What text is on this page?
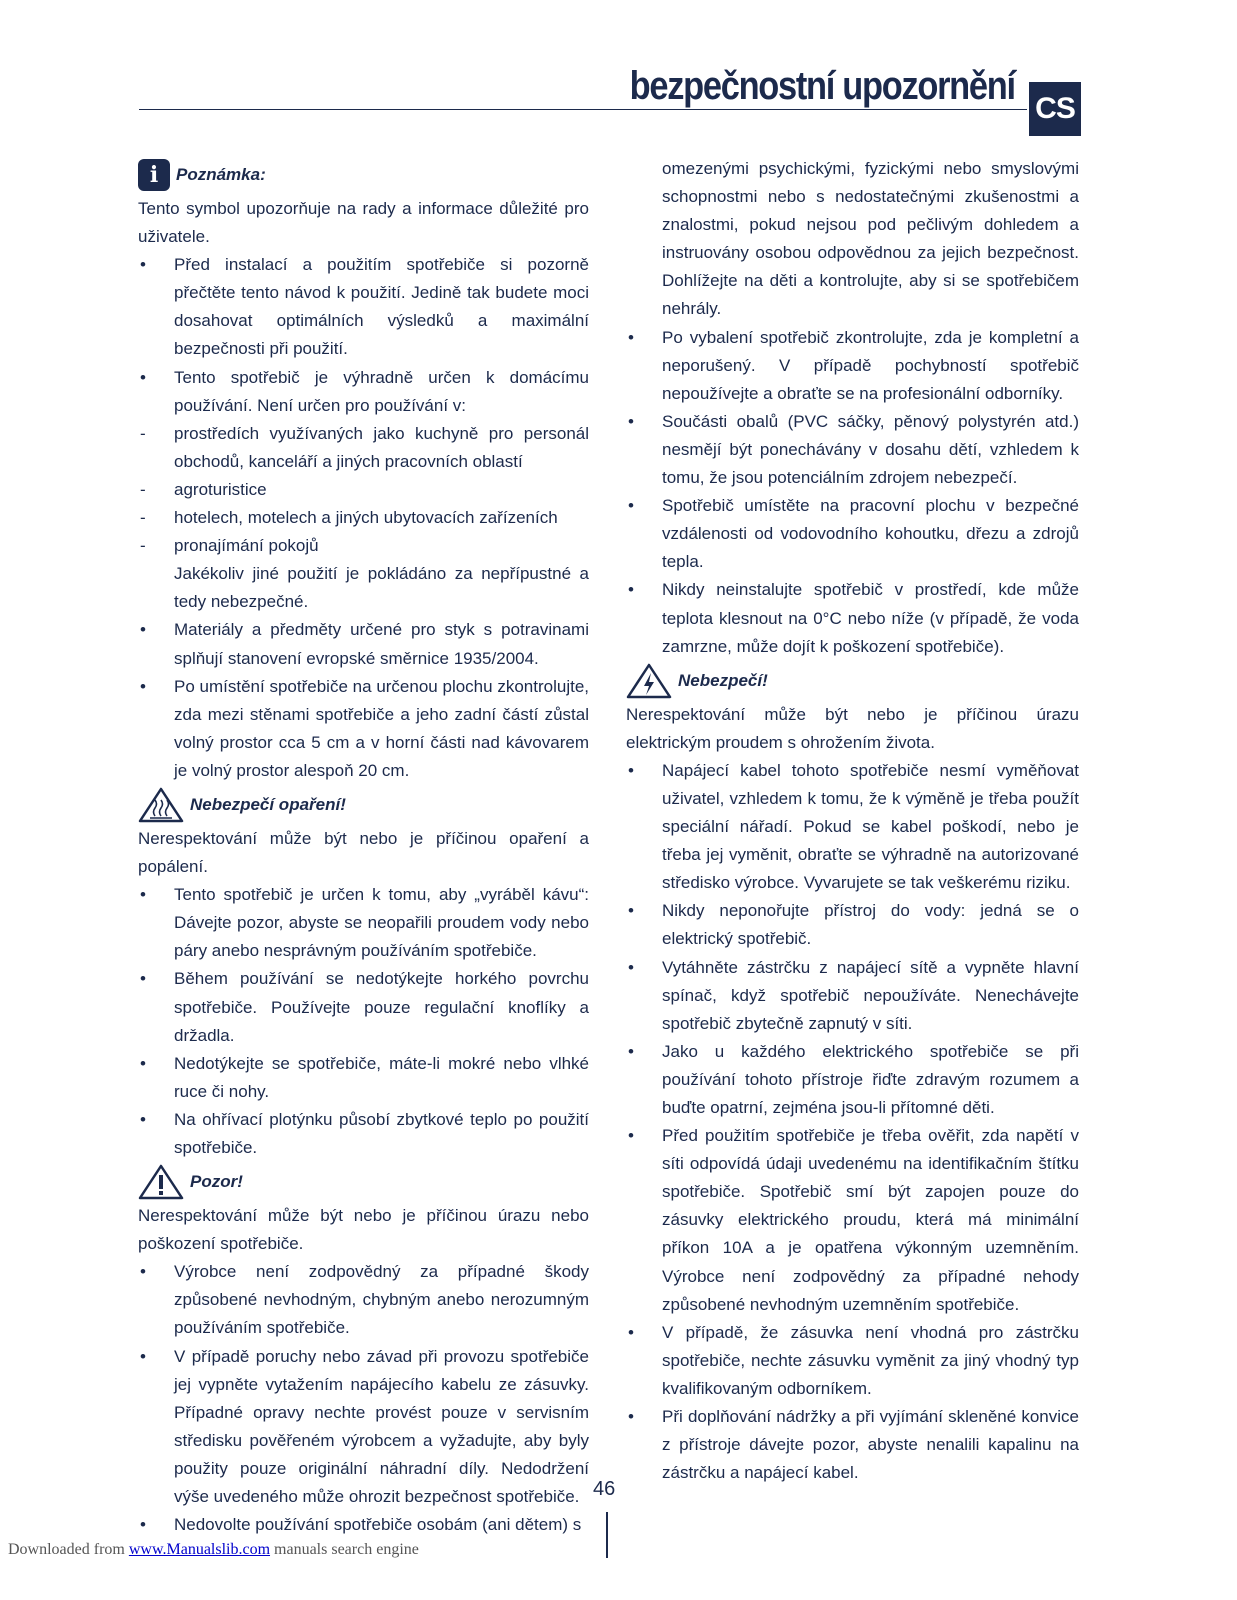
bezpečnostní upozornění
CS
i	Poznámka:

Tento symbol upozorňuje na rady a informace důležité pro uživatele.

• Před instalací a použitím spotřebiče si pozorně přečtěte tento návod k použití. Jedině tak budete moci dosahovat optimálních výsledků a maximální bezpečnosti při použití.

• Tento spotřebič je výhradně určen k domácímu používání. Není určen pro používání v:

- prostředích využívaných jako kuchyně pro personál obchodů, kanceláří a jiných pracovních oblastí

- agroturistice

- hotelech, motelech a jiných ubytovacích zařízeních

- pronajímání pokojů

Jakékoliv jiné použití je pokládáno za nepřípustné a tedy nebezpečné.

• Materiály a předměty určené pro styk s potravinami splňují stanovení evropské směrnice 1935/2004.

• Po umístění spotřebiče na určenou plochu zkontrolujte, zda mezi stěnami spotřebiče a jeho zadní částí zůstal volný prostor cca 5 cm a v horní části nad kávovarem je volný prostor alespoň 20 cm.

Nebezpečí opaření!

Nerespektování může být nebo je příčinou opaření a popálení.

• Tento spotřebič je určen k tomu, aby „vyráběl kávu“: Dávejte pozor, abyste se neopařili proudem vody nebo páry anebo nesprávným používáním spotřebiče.

• Během používání se nedotýkejte horkého povrchu spotřebiče. Používejte pouze regulační knoflíky a držadla.

• Nedotýkejte se spotřebiče, máte-li mokré nebo vlhké ruce či nohy.

• Na ohřívací plotýnku působí zbytkové teplo po použití spotřebiče.

Pozor!

Nerespektování může být nebo je příčinou úrazu nebo poškození spotřebiče.

• Výrobce není zodpovědný za případné škody způsobené nevhodným, chybným anebo nerozumným používáním spotřebiče.

• V případě poruchy nebo závad při provozu spotřebiče jej vypněte vytažením napájecího kabelu ze zásuvky. Případné opravy nechte provést pouze v servisním středisku pověřeném výrobcem a vyžadujte, aby byly použity pouze originální náhradní díly. Nedodržení výše uvedeného může ohrozit bezpečnost spotřebiče.

• Nedovolte používání spotřebiče osobám (ani dětem) s

omezenými psychickými, fyzickými nebo smyslovými schopnostmi nebo s nedostatečnými zkušenostmi a znalostmi, pokud nejsou pod pečlivým dohledem a instruovány osobou odpovědnou za jejich bezpečnost. Dohlížejte na děti a kontrolujte, aby si se spotřebičem nehrály.

• Po vybalení spotřebič zkontrolujte, zda je kompletní a neporušený. V případě pochybností spotřebič nepoužívejte a obraťte se na profesionální odborníky.

• Součásti obalů (PVC sáčky, pěnový polystyrén atd.) nesmějí být ponechávány v dosahu dětí, vzhledem k tomu, že jsou potenciálním zdrojem nebezpečí.

• Spotřebič umístěte na pracovní plochu v bezpečné vzdálenosti od vodovodního kohoutku, dřezu a zdrojů tepla.

• Nikdy neinstalujte spotřebič v prostředí, kde může teplota klesnout na 0°C nebo níže (v případě, že voda zamrzne, může dojít k poškození spotřebiče).

Nebezpečí!

Nerespektování může být nebo je příčinou úrazu elektrickým proudem s ohrožením života.

• Napájecí kabel tohoto spotřebiče nesmí vyměňovat uživatel, vzhledem k tomu, že k výměně je třeba použít speciální nářadí. Pokud se kabel poškodí, nebo je třeba jej vyměnit, obraťte se výhradně na autorizované středisko výrobce. Vyvarujete se tak veškerému riziku.

• Nikdy neponořujte přístroj do vody: jedná se o elektrický spotřebič.

• Vytáhněte zástrčku z napájecí sítě a vypněte hlavní spínač, když spotřebič nepoužíváte. Nenechávejte spotřebič zbytečně zapnutý v síti.

• Jako u každého elektrického spotřebiče se při používání tohoto přístroje řiďte zdravým rozumem a buďte opatrní, zejména jsou-li přítomné děti.

• Před použitím spotřebiče je třeba ověřit, zda napětí v síti odpovídá údaji uvedenému na identifikačním štítku spotřebiče. Spotřebič smí být zapojen pouze do zásuvky elektrického proudu, která má minimální příkon 10A a je opatřena výkonným uzemněním. Výrobce není zodpovědný za případné nehody způsobené nevhodným uzemněním spotřebiče.

• V případě, že zásuvka není vhodná pro zástrčku spotřebiče, nechte zásuvku vyměnit za jiný vhodný typ kvalifikovaným odborníkem.

• Při doplňování nádržky a při vyjímání skleněné konvice z přístroje dávejte pozor, abyste nenalili kapalinu na zástrčku a napájecí kabel.

46
Downloaded from www.Manualslib.com manuals search engine
